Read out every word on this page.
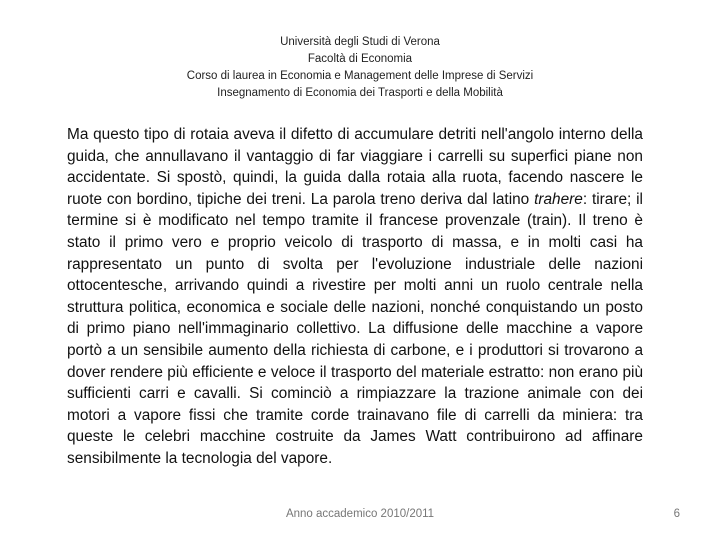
Università degli Studi di Verona
Facoltà di Economia
Corso di laurea in Economia e Management delle Imprese di Servizi
Insegnamento di Economia dei Trasporti e della Mobilità

Ma questo tipo di rotaia aveva il difetto di accumulare detriti nell'angolo interno della guida, che annullavano il vantaggio di far viaggiare i carrelli su superfici piane non accidentate. Si spostò, quindi, la guida dalla rotaia alla ruota, facendo nascere le ruote con bordino, tipiche dei treni. La parola treno deriva dal latino trahere: tirare; il termine si è modificato nel tempo tramite il francese provenzale (train). Il treno è stato il primo vero e proprio veicolo di trasporto di massa, e in molti casi ha rappresentato un punto di svolta per l'evoluzione industriale delle nazioni ottocentesche, arrivando quindi a rivestire per molti anni un ruolo centrale nella struttura politica, economica e sociale delle nazioni, nonché conquistando un posto di primo piano nell'immaginario collettivo. La diffusione delle macchine a vapore portò a un sensibile aumento della richiesta di carbone, e i produttori si trovarono a dover rendere più efficiente e veloce il trasporto del materiale estratto: non erano più sufficienti carri e cavalli. Si cominciò a rimpiazzare la trazione animale con dei motori a vapore fissi che tramite corde trainavano file di carrelli da miniera: tra queste le celebri macchine costruite da James Watt contribuirono ad affinare sensibilmente la tecnologia del vapore.

Anno accademico 2010/2011	6
